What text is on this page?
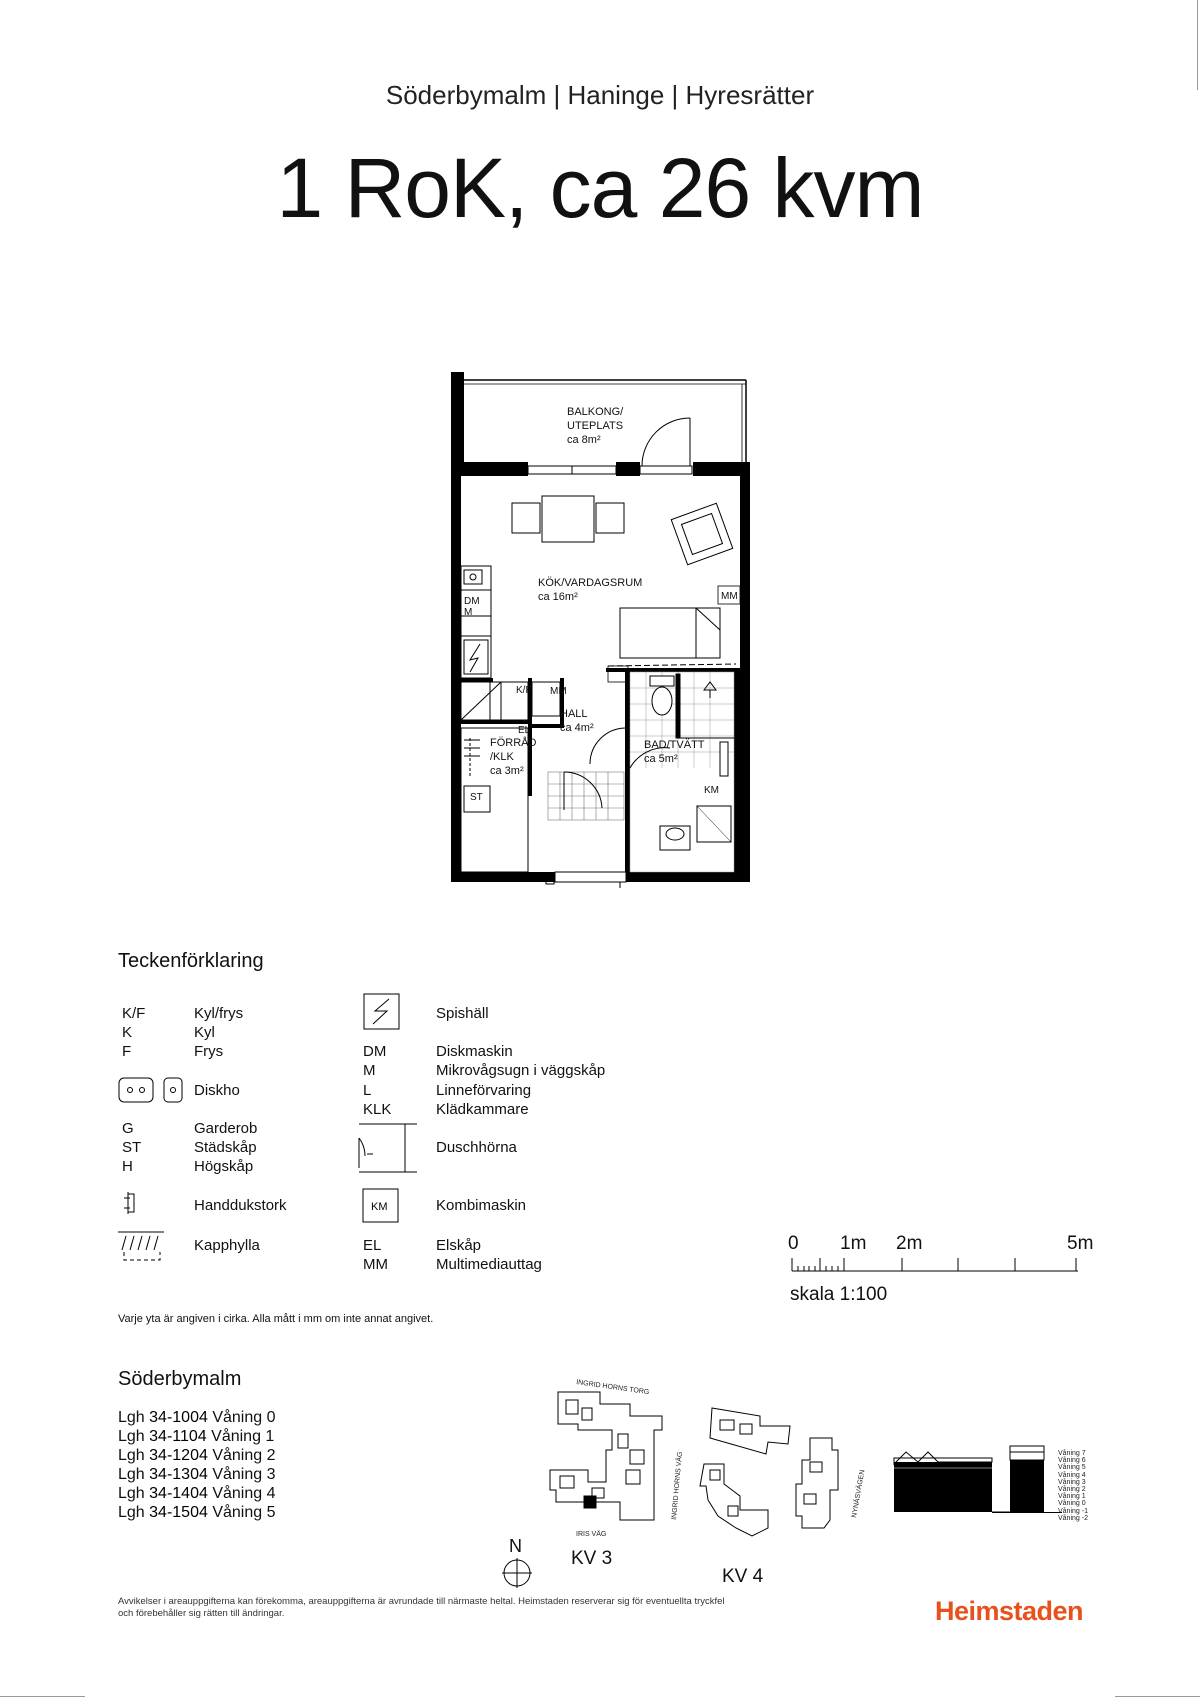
Söderbymalm | Haninge | Hyresrätter
1 RoK, ca 26 kvm
BALKONG/
UTEPLATS
ca 8m²
KÖK/VARDAGSRUM
ca 16m²
HALL
ca 4m²
FÖRRÅD
/KLK
ca 3m²
BAD/TVÄTT
ca 5m²
DM
M
MM
K/F MM
EL
ST
KM
Teckenförklaring
K/F	Kyl/frys
K	Kyl
F	Frys
Diskho
G	Garderob
ST	Städskåp
H	Högskåp
Handdukstork
Kapphylla
Spishäll
DM	Diskmaskin
M	Mikrovågsugn i väggskåp
L	Linneförvaring
KLK	Klädkammare
Duschhörna
KM	Kombimaskin
EL	Elskåp
MM	Multimediauttag
0 1m 2m	5m
skala 1:100
Varje yta är angiven i cirka. Alla mått i mm om inte annat angivet.
Söderbymalm
Lgh 34-1004 Våning 0
Lgh 34-1104 Våning 1
Lgh 34-1204 Våning 2
Lgh 34-1304 Våning 3
Lgh 34-1404 Våning 4
Lgh 34-1504 Våning 5
INGRID HORNS TORG
INGRID HORNS VÄG
IRIS VÄG
NYNÄSVÄGEN
KV 3
KV 4
N
Våning 7
Våning 6
Våning 5
Våning 4
Våning 3
Våning 2
Våning 1
Våning 0
Våning -1
Våning -2
Avvikelser i areauppgifterna kan förekomma, areauppgifterna är avrundade till närmaste heltal. Heimstaden reserverar sig för eventuellta tryckfel och förebehåller sig rätten till ändringar.	Heimstaden
